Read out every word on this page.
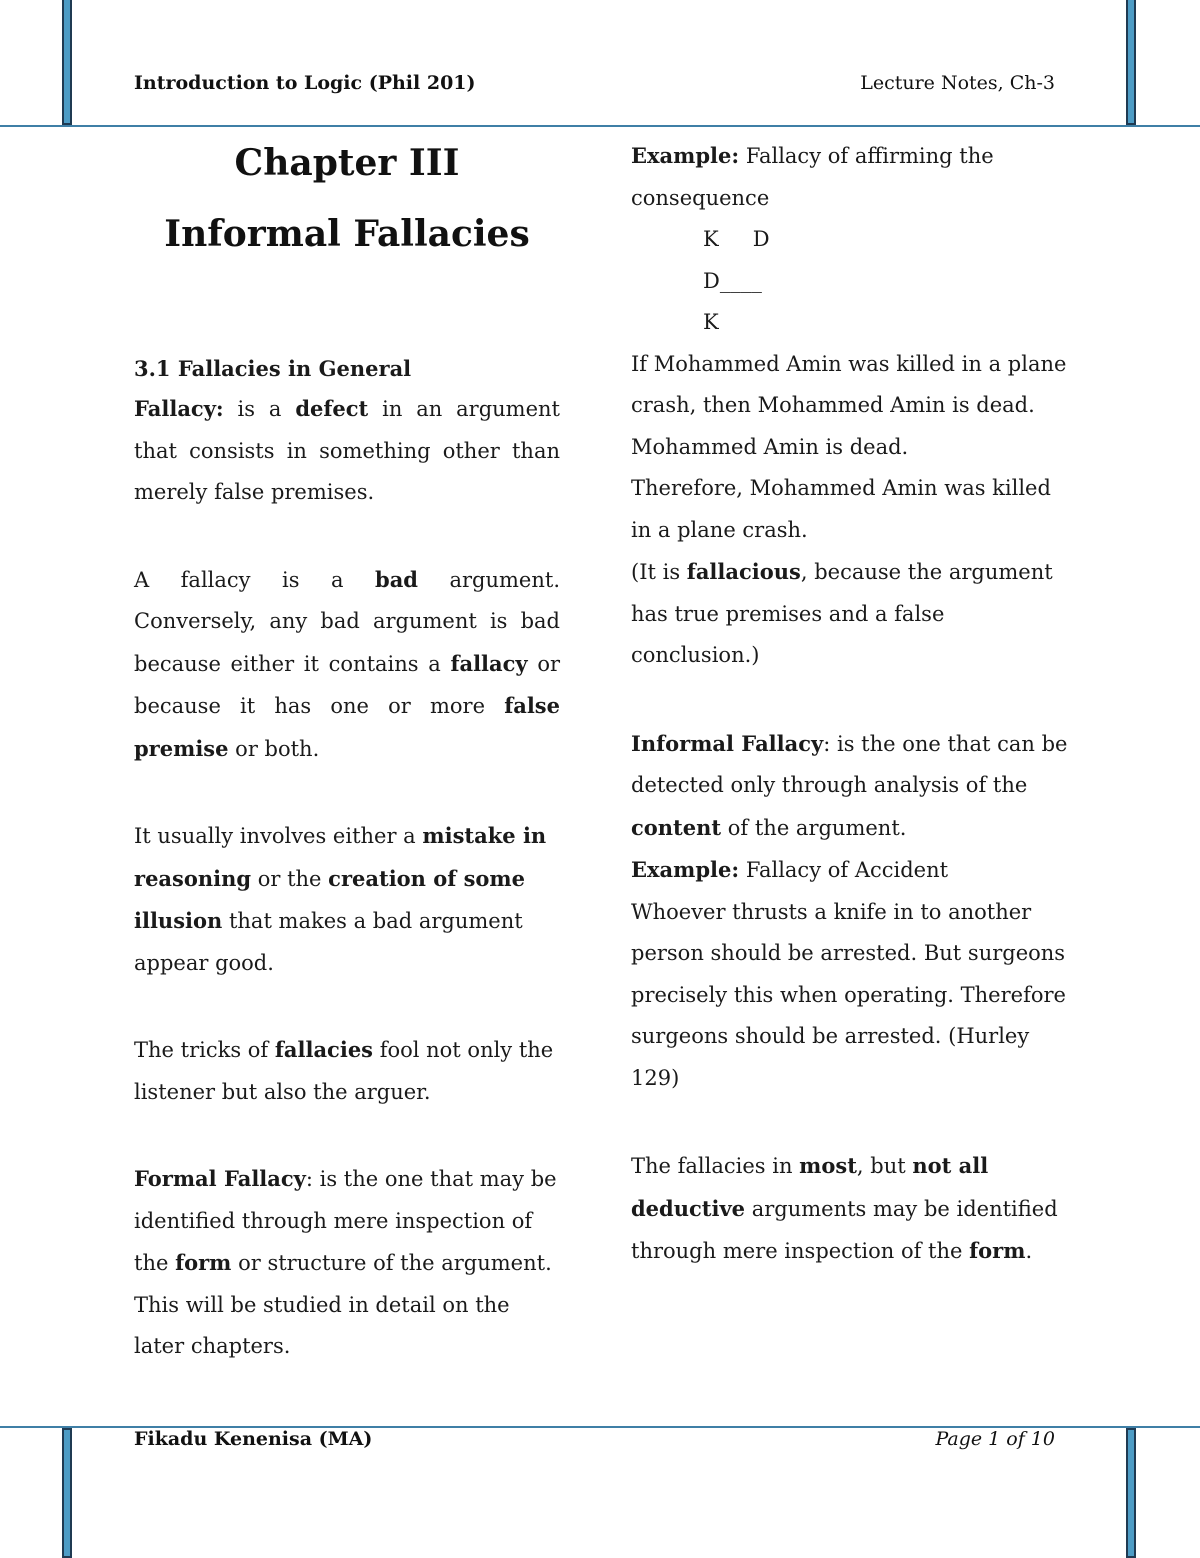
Introduction to Logic (Phil 201)	Lecture Notes, Ch-3
Chapter III
Informal Fallacies
3.1 Fallacies in General

Fallacy: is a defect in an argument that consists in something other than merely false premises.

A fallacy is a bad argument. Conversely, any bad argument is bad because either it contains a fallacy or because it has one or more false premise or both.

It usually involves either a mistake in reasoning or the creation of some illusion that makes a bad argument appear good.

The tricks of fallacies fool not only the listener but also the arguer.

Formal Fallacy: is the one that may be identified through mere inspection of the form or structure of the argument.

This will be studied in detail on the later chapters.

Example: Fallacy of affirming the consequence

K D

D____

K

If Mohammed Amin was killed in a plane crash, then Mohammed Amin is dead.

Mohammed Amin is dead.

Therefore, Mohammed Amin was killed in a plane crash.

(It is fallacious, because the argument has true premises and a false conclusion.)

Informal Fallacy: is the one that can be detected only through analysis of the content of the argument.

Example: Fallacy of Accident

Whoever thrusts a knife in to another person should be arrested. But surgeons precisely this when operating. Therefore surgeons should be arrested. (Hurley 129)

The fallacies in most, but not all deductive arguments may be identified through mere inspection of the form.

Fikadu Kenenisa (MA)	Page 1 of 10
